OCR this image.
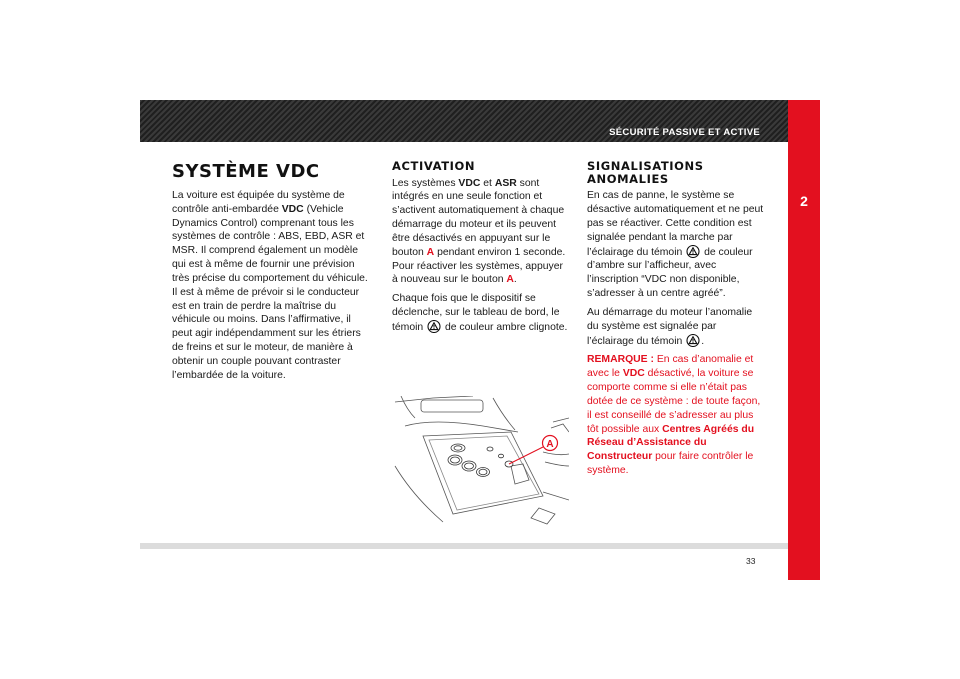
SÉCURITÉ PASSIVE ET ACTIVE
2
SYSTÈME VDC

La voiture est équipée du système de contrôle anti-embardée VDC (Vehicle Dynamics Control) comprenant tous les systèmes de contrôle : ABS, EBD, ASR et MSR. Il comprend également un modèle qui est à même de fournir une prévision très précise du comportement du véhicule. Il est à même de prévoir si le conducteur est en train de perdre la maîtrise du véhicule ou moins. Dans l’affirmative, il peut agir indépendamment sur les étriers de freins et sur le moteur, de manière à obtenir un couple pouvant contraster l’embardée de la voiture.

ACTIVATION

Les systèmes VDC et ASR sont intégrés en une seule fonction et s’activent automatiquement à chaque démarrage du moteur et ils peuvent être désactivés en appuyant sur le bouton A pendant environ 1 seconde. Pour réactiver les systèmes, appuyer à nouveau sur le bouton A.

Chaque fois que le dispositif se déclenche, sur le tableau de bord, le témoin  de couleur ambre clignote.

A
SIGNALISATIONS
ANOMALIES

En cas de panne, le système se désactive automatiquement et ne peut pas se réactiver. Cette condition est signalée pendant la marche par l’éclairage du témoin  de couleur d’ambre sur l’afficheur, avec l’inscription “VDC non disponible, s’adresser à un centre agréé”.

Au démarrage du moteur l’anomalie du système est signalée par l’éclairage du témoin .

REMARQUE : En cas d’anomalie et avec le VDC désactivé, la voiture se comporte comme si elle n’était pas dotée de ce système : de toute façon, il est conseillé de s’adresser au plus tôt possible aux Centres Agréés du Réseau d’Assistance du Constructeur pour faire contrôler le système.

33
